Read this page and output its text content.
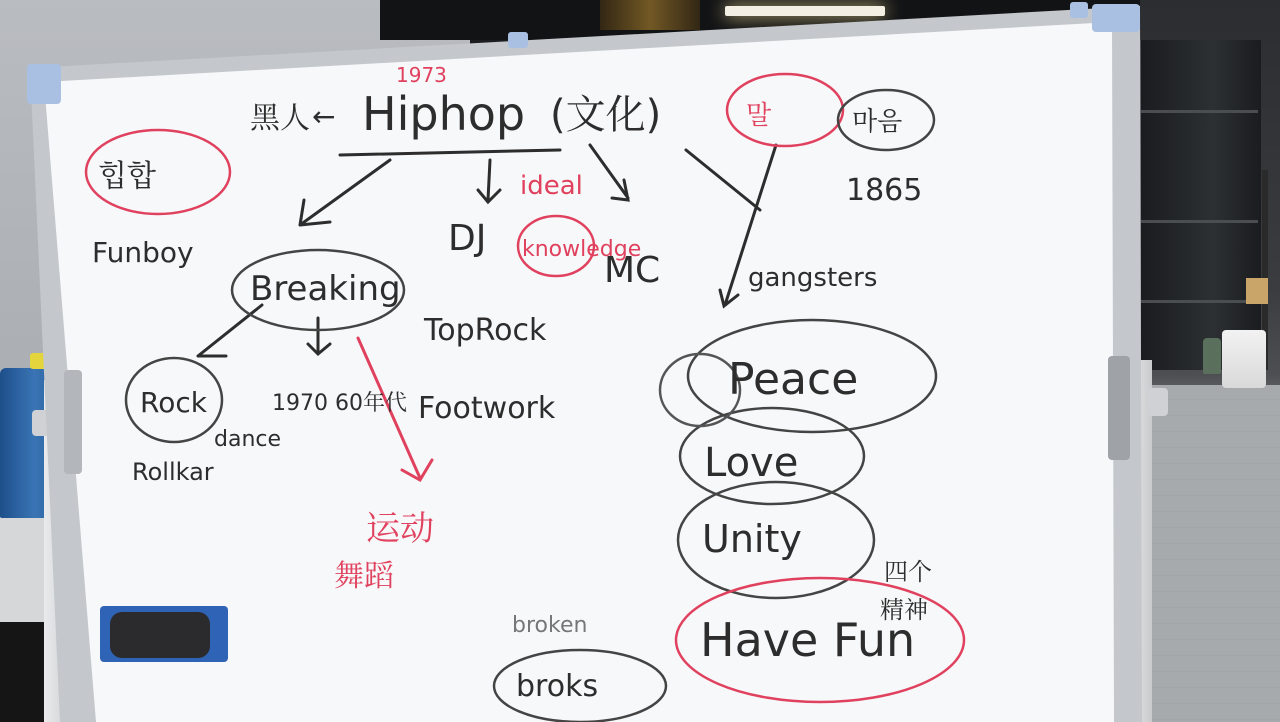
1973
Hiphop (文化)
黑人 ←	말	마음
힙합	ideal
DJ knowledge
MC
Funboy
Breaking
TopRock
Footwork
Rock
dance
1970 60年代
Rollkar
1865
gangsters
Peace
Love
Unity
Have Fun
运动
舞蹈
broken
broks
四个
精神
